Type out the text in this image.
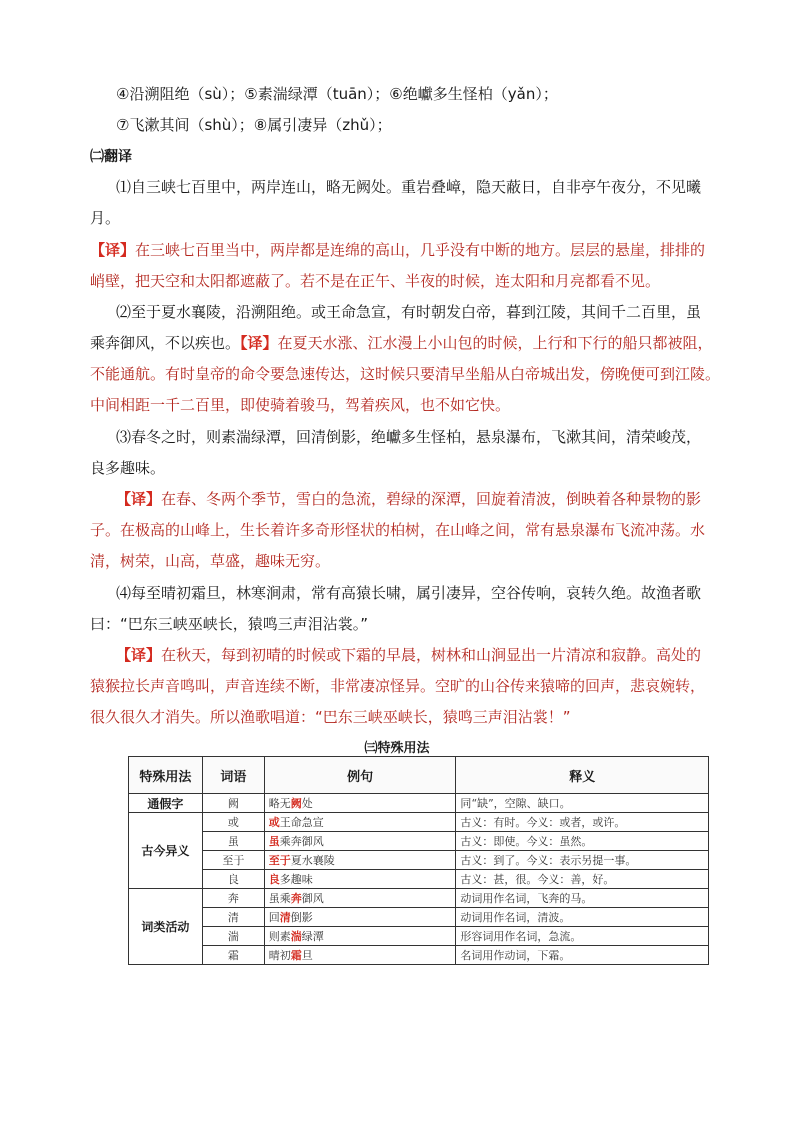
④沿溯阻绝（sù）；⑤素湍绿潭（tuān）；⑥绝巘多生怪柏（yǎn）；
⑦飞漱其间（shù）；⑧属引凄异（zhǔ）；
㈡翻译
⑴自三峡七百里中，两岸连山，略无阙处。重岩叠嶂，隐天蔽日，自非亭午夜分，不见曦
月。
【译】在三峡七百里当中，两岸都是连绵的高山，几乎没有中断的地方。层层的悬崖，排排的
峭壁，把天空和太阳都遮蔽了。若不是在正午、半夜的时候，连太阳和月亮都看不见。
⑵至于夏水襄陵，沿溯阻绝。或王命急宣，有时朝发白帝，暮到江陵，其间千二百里，虽
乘奔御风，不以疾也。【译】在夏天水涨、江水漫上小山包的时候，上行和下行的船只都被阻，
不能通航。有时皇帝的命令要急速传达，这时候只要清早坐船从白帝城出发，傍晚便可到江陵。
中间相距一千二百里，即使骑着骏马，驾着疾风，也不如它快。
⑶春冬之时，则素湍绿潭，回清倒影，绝巘多生怪柏，悬泉瀑布，飞漱其间，清荣峻茂，
良多趣味。
【译】在春、冬两个季节，雪白的急流，碧绿的深潭，回旋着清波，倒映着各种景物的影
子。在极高的山峰上，生长着许多奇形怪状的柏树，在山峰之间，常有悬泉瀑布飞流冲荡。水
清，树荣，山高，草盛，趣味无穷。
⑷每至晴初霜旦，林寒涧肃，常有高猿长啸，属引凄异，空谷传响，哀转久绝。故渔者歌
曰：“巴东三峡巫峡长，猿鸣三声泪沾裳。”
【译】在秋天，每到初晴的时候或下霜的早晨，树林和山涧显出一片清凉和寂静。高处的
猿猴拉长声音鸣叫，声音连续不断，非常凄凉怪异。空旷的山谷传来猿啼的回声，悲哀婉转，
很久很久才消失。所以渔歌唱道：“巴东三峡巫峡长，猿鸣三声泪沾裳！”
㈢特殊用法
特殊用法	词语	例句	释义
通假字	阙	略无阙处	同“缺”，空隙、缺口。
古今异义	或	或王命急宣	古义：有时。今义：或者，或许。
	虽	虽乘奔御风	古义：即使。今义：虽然。
	至于	至于夏水襄陵	古义：到了。今义：表示另提一事。
	良	良多趣味	古义：甚，很。今义：善，好。
词类活动	奔	虽乘奔御风	动词用作名词，飞奔的马。
	清	回清倒影	动词用作名词，清波。
	湍	则素湍绿潭	形容词用作名词，急流。
	霜	晴初霜旦	名词用作动词，下霜。
